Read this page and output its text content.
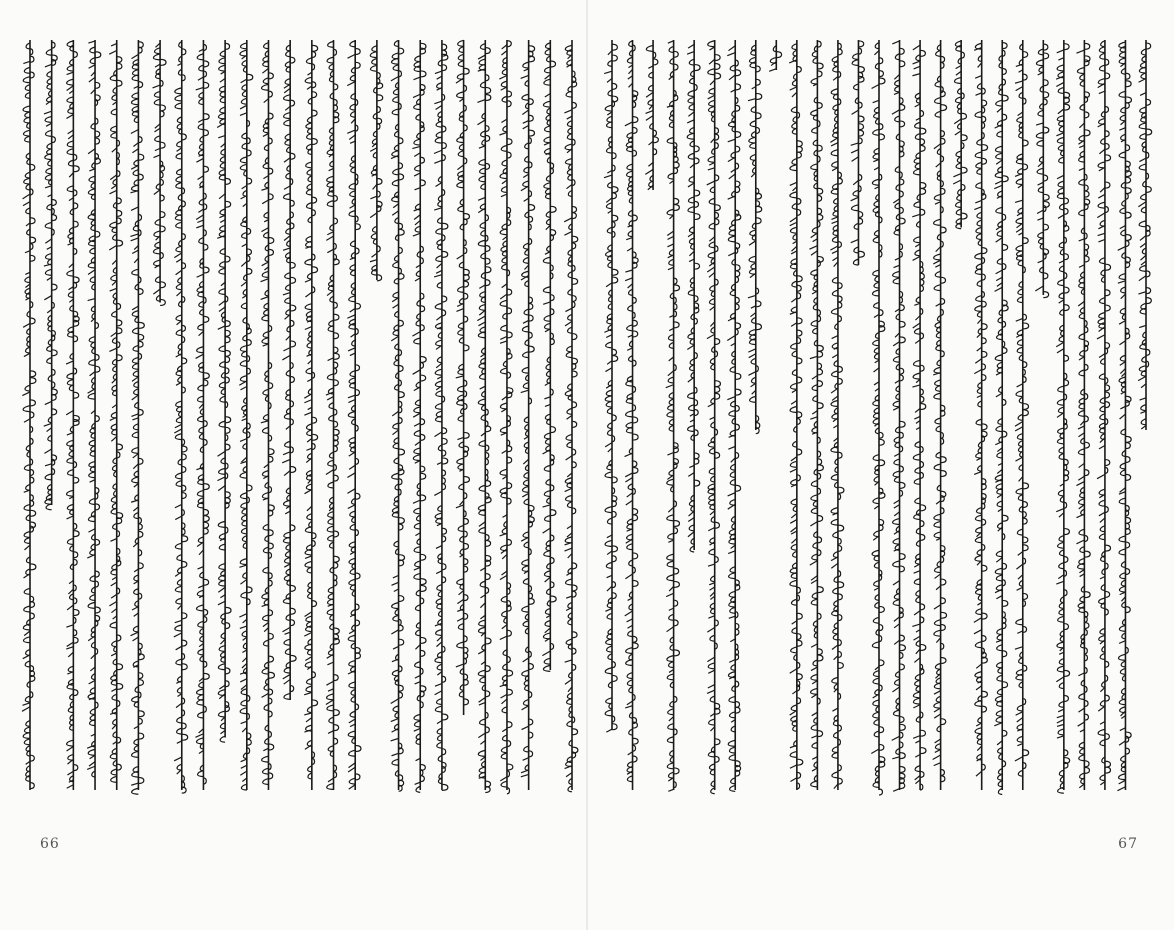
66	67
